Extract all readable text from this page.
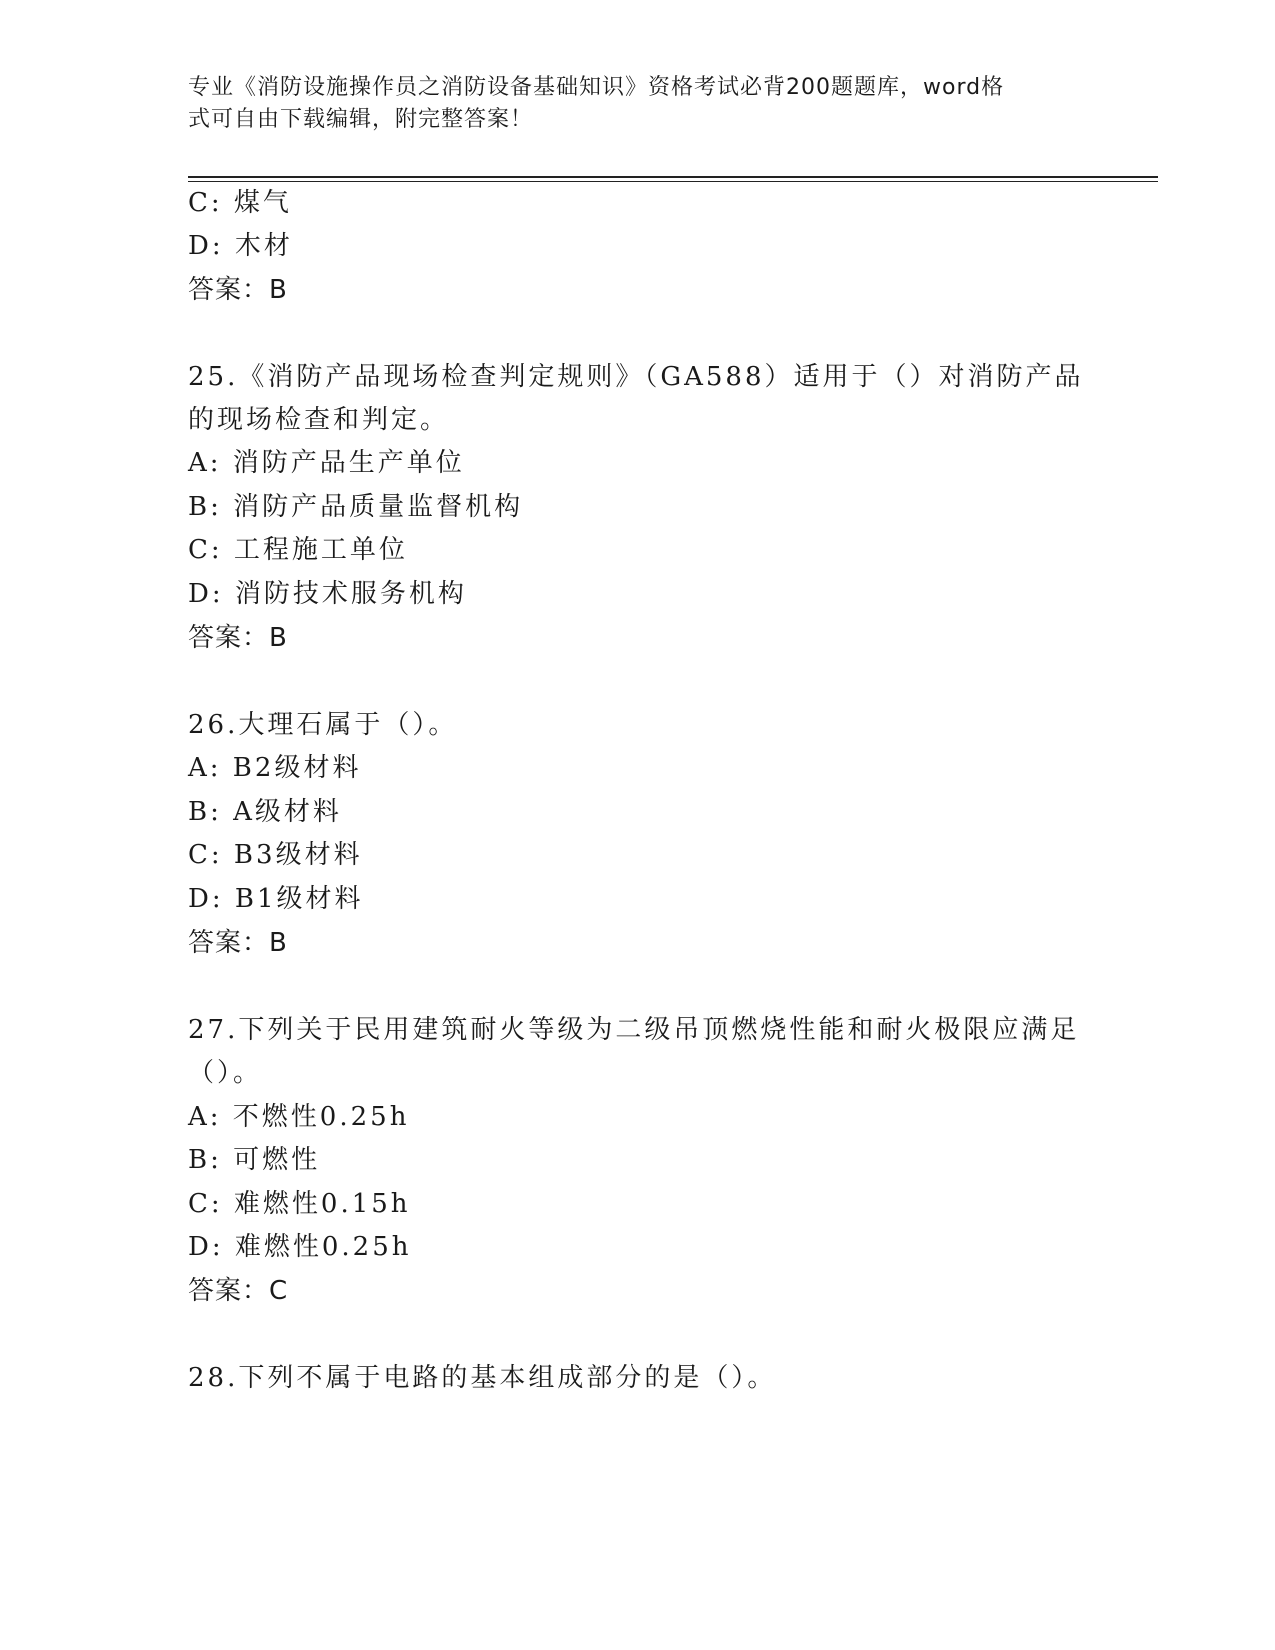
专业《消防设施操作员之消防设备基础知识》资格考试必背200题题库，word格
式可自由下载编辑，附完整答案！
C: 煤气
D: 木材
答案：B
25.《消防产品现场检查判定规则》（GA588）适用于（）对消防产品
的现场检查和判定。
A: 消防产品生产单位
B: 消防产品质量监督机构
C: 工程施工单位
D: 消防技术服务机构
答案：B
26.大理石属于（）。
A: B2级材料
B: A级材料
C: B3级材料
D: B1级材料
答案：B
27.下列关于民用建筑耐火等级为二级吊顶燃烧性能和耐火极限应满足
（）。
A: 不燃性0.25h
B: 可燃性
C: 难燃性0.15h
D: 难燃性0.25h
答案：C
28.下列不属于电路的基本组成部分的是（）。
